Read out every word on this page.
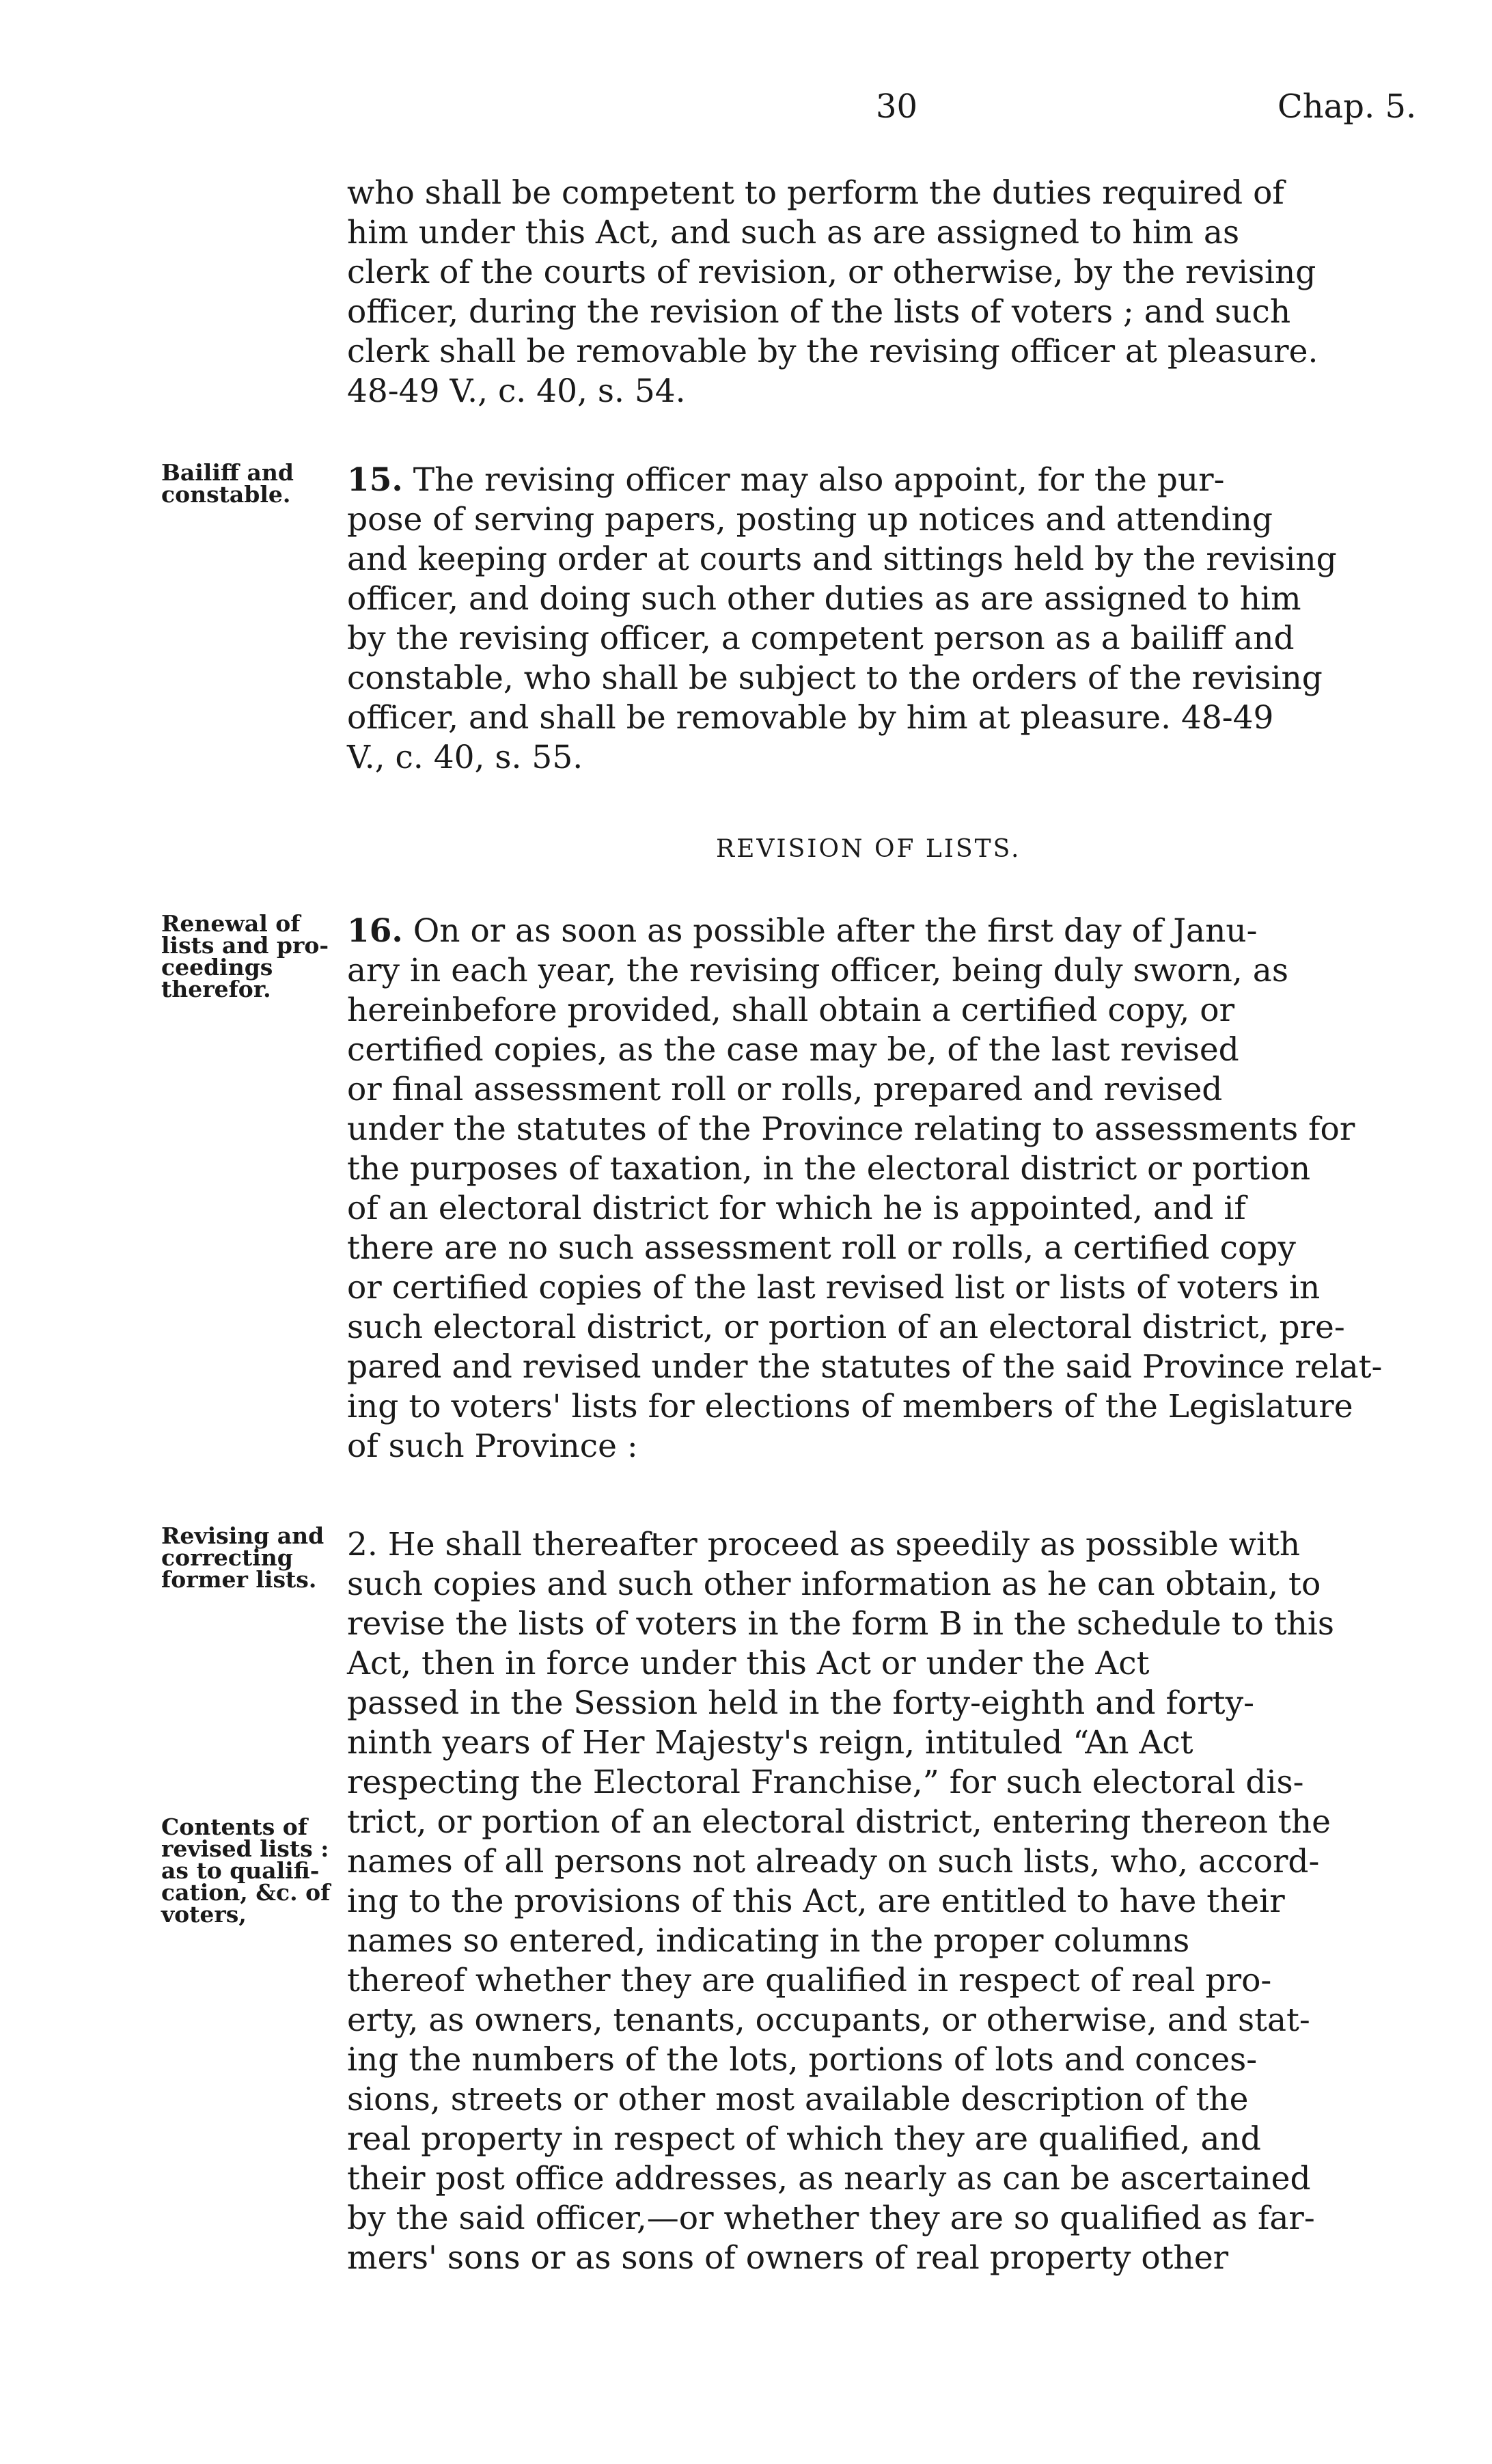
30	Chap. 5.
who shall be competent to perform the duties required of
him under this Act, and such as are assigned to him as
clerk of the courts of revision, or otherwise, by the revising
officer, during the revision of the lists of voters ; and such
clerk shall be removable by the revising officer at pleasure.
48-49 V., c. 40, s. 54.
Bailiff and
constable.	15. The revising officer may also appoint, for the pur-
pose of serving papers, posting up notices and attending
and keeping order at courts and sittings held by the revising
officer, and doing such other duties as are assigned to him
by the revising officer, a competent person as a bailiff and
constable, who shall be subject to the orders of the revising
officer, and shall be removable by him at pleasure. 48-49
V., c. 40, s. 55.
REVISION OF LISTS.
Renewal of
lists and pro-
ceedings
therefor.
16. On or as soon as possible after the first day of Janu-
ary in each year, the revising officer, being duly sworn, as
hereinbefore provided, shall obtain a certified copy, or
certified copies, as the case may be, of the last revised
or final assessment roll or rolls, prepared and revised
under the statutes of the Province relating to assessments for
the purposes of taxation, in the electoral district or portion
of an electoral district for which he is appointed, and if
there are no such assessment roll or rolls, a certified copy
or certified copies of the last revised list or lists of voters in
such electoral district, or portion of an electoral district, pre-
pared and revised under the statutes of the said Province relat-
ing to voters' lists for elections of members of the Legislature
of such Province :
Revising and
correcting
former lists.
Contents of
revised lists :
as to qualifi-
cation, &c. of
voters,
2. He shall thereafter proceed as speedily as possible with
such copies and such other information as he can obtain, to
revise the lists of voters in the form B in the schedule to this
Act, then in force under this Act or under the Act
passed in the Session held in the forty-eighth and forty-
ninth years of Her Majesty's reign, intituled “An Act
respecting the Electoral Franchise,” for such electoral dis-
trict, or portion of an electoral district, entering thereon the
names of all persons not already on such lists, who, accord-
ing to the provisions of this Act, are entitled to have their
names so entered, indicating in the proper columns
thereof whether they are qualified in respect of real pro-
erty, as owners, tenants, occupants, or otherwise, and stat-
ing the numbers of the lots, portions of lots and conces-
sions, streets or other most available description of the
real property in respect of which they are qualified, and
their post office addresses, as nearly as can be ascertained
by the said officer,—or whether they are so qualified as far-
mers' sons or as sons of owners of real property other
